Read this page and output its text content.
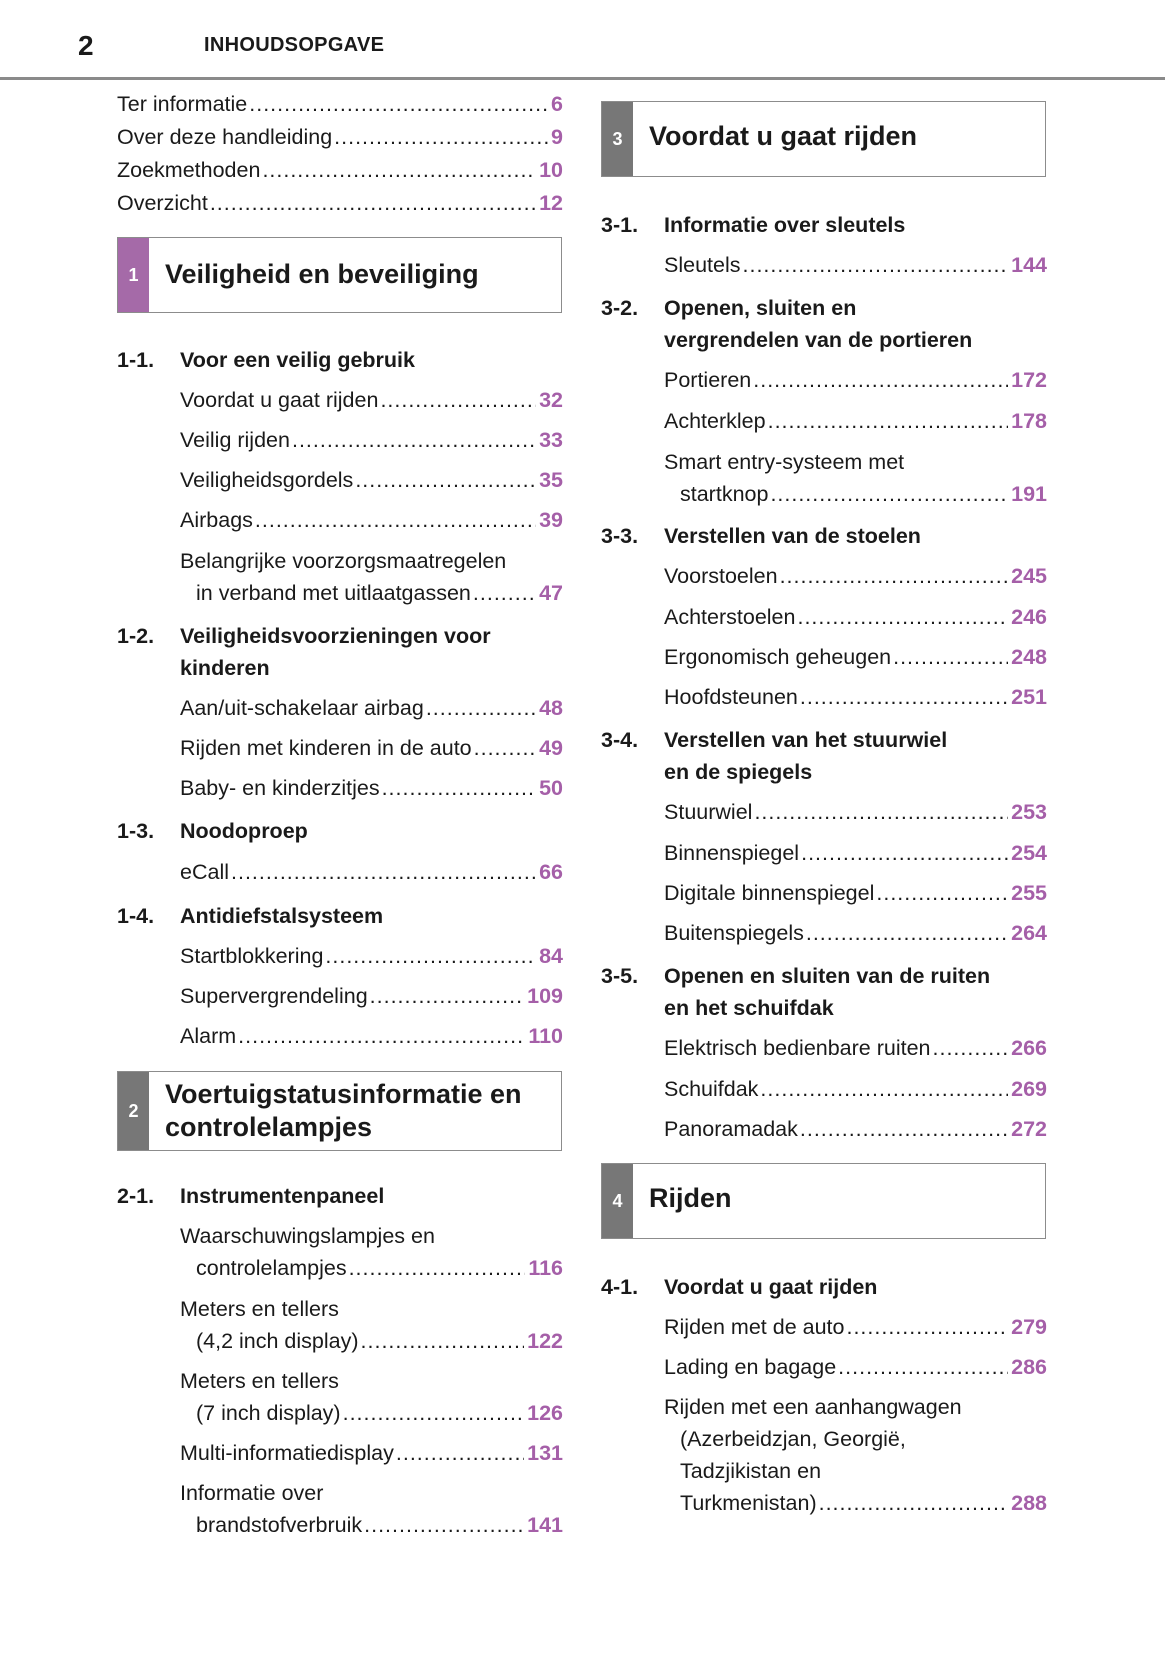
2	INHOUDSOPGAVE
Ter informatie .....	6
Over deze handleiding .....	9
Zoekmethoden .....	10
Overzicht .....	12
1 Veiligheid en beveiliging
1-1. Voor een veilig gebruik
Voordat u gaat rijden .....	32
Veilig rijden .....	33
Veiligheidsgordels .....	35
Airbags .....	39
Belangrijke voorzorgsmaatregelen
in verband met uitlaatgassen .....	47
1-2. Veiligheidsvoorzieningen voor
kinderen
Aan/uit-schakelaar airbag .....	48
Rijden met kinderen in de auto .....	49
Baby- en kinderzitjes .....	50
1-3. Noodoproep
eCall .....	66
1-4. Antidiefstalsysteem
Startblokkering .....	84
Supervergrendeling .....	109
Alarm .....	110
2
Voertuigstatusinformatie en
controlelampjes
2-1. Instrumentenpaneel
Waarschuwingslampjes en
controlelampjes .....	116
Meters en tellers
(4,2 inch display) .....	122
Meters en tellers
(7 inch display) .....	126
Multi-informatiedisplay .....	131
Informatie over
brandstofverbruik .....	141
3 Voordat u gaat rijden
3-1. Informatie over sleutels
Sleutels .....	144
3-2. Openen, sluiten en
vergrendelen van de portieren
Portieren .....	172
Achterklep .....	178
Smart entry-systeem met
startknop .....	191
3-3. Verstellen van de stoelen
Voorstoelen .....	245
Achterstoelen .....	246
Ergonomisch geheugen .....	248
Hoofdsteunen .....	251
3-4. Verstellen van het stuurwiel
en de spiegels
Stuurwiel .....	253
Binnenspiegel .....	254
Digitale binnenspiegel .....	255
Buitenspiegels .....	264
3-5. Openen en sluiten van de ruiten
en het schuifdak
Elektrisch bedienbare ruiten .....	266
Schuifdak .....	269
Panoramadak .....	272
4 Rijden
4-1. Voordat u gaat rijden
Rijden met de auto .....	279
Lading en bagage .....	286
Rijden met een aanhangwagen
(Azerbeidzjan, Georgië,
Tadzjikistan en
Turkmenistan) .....	288
